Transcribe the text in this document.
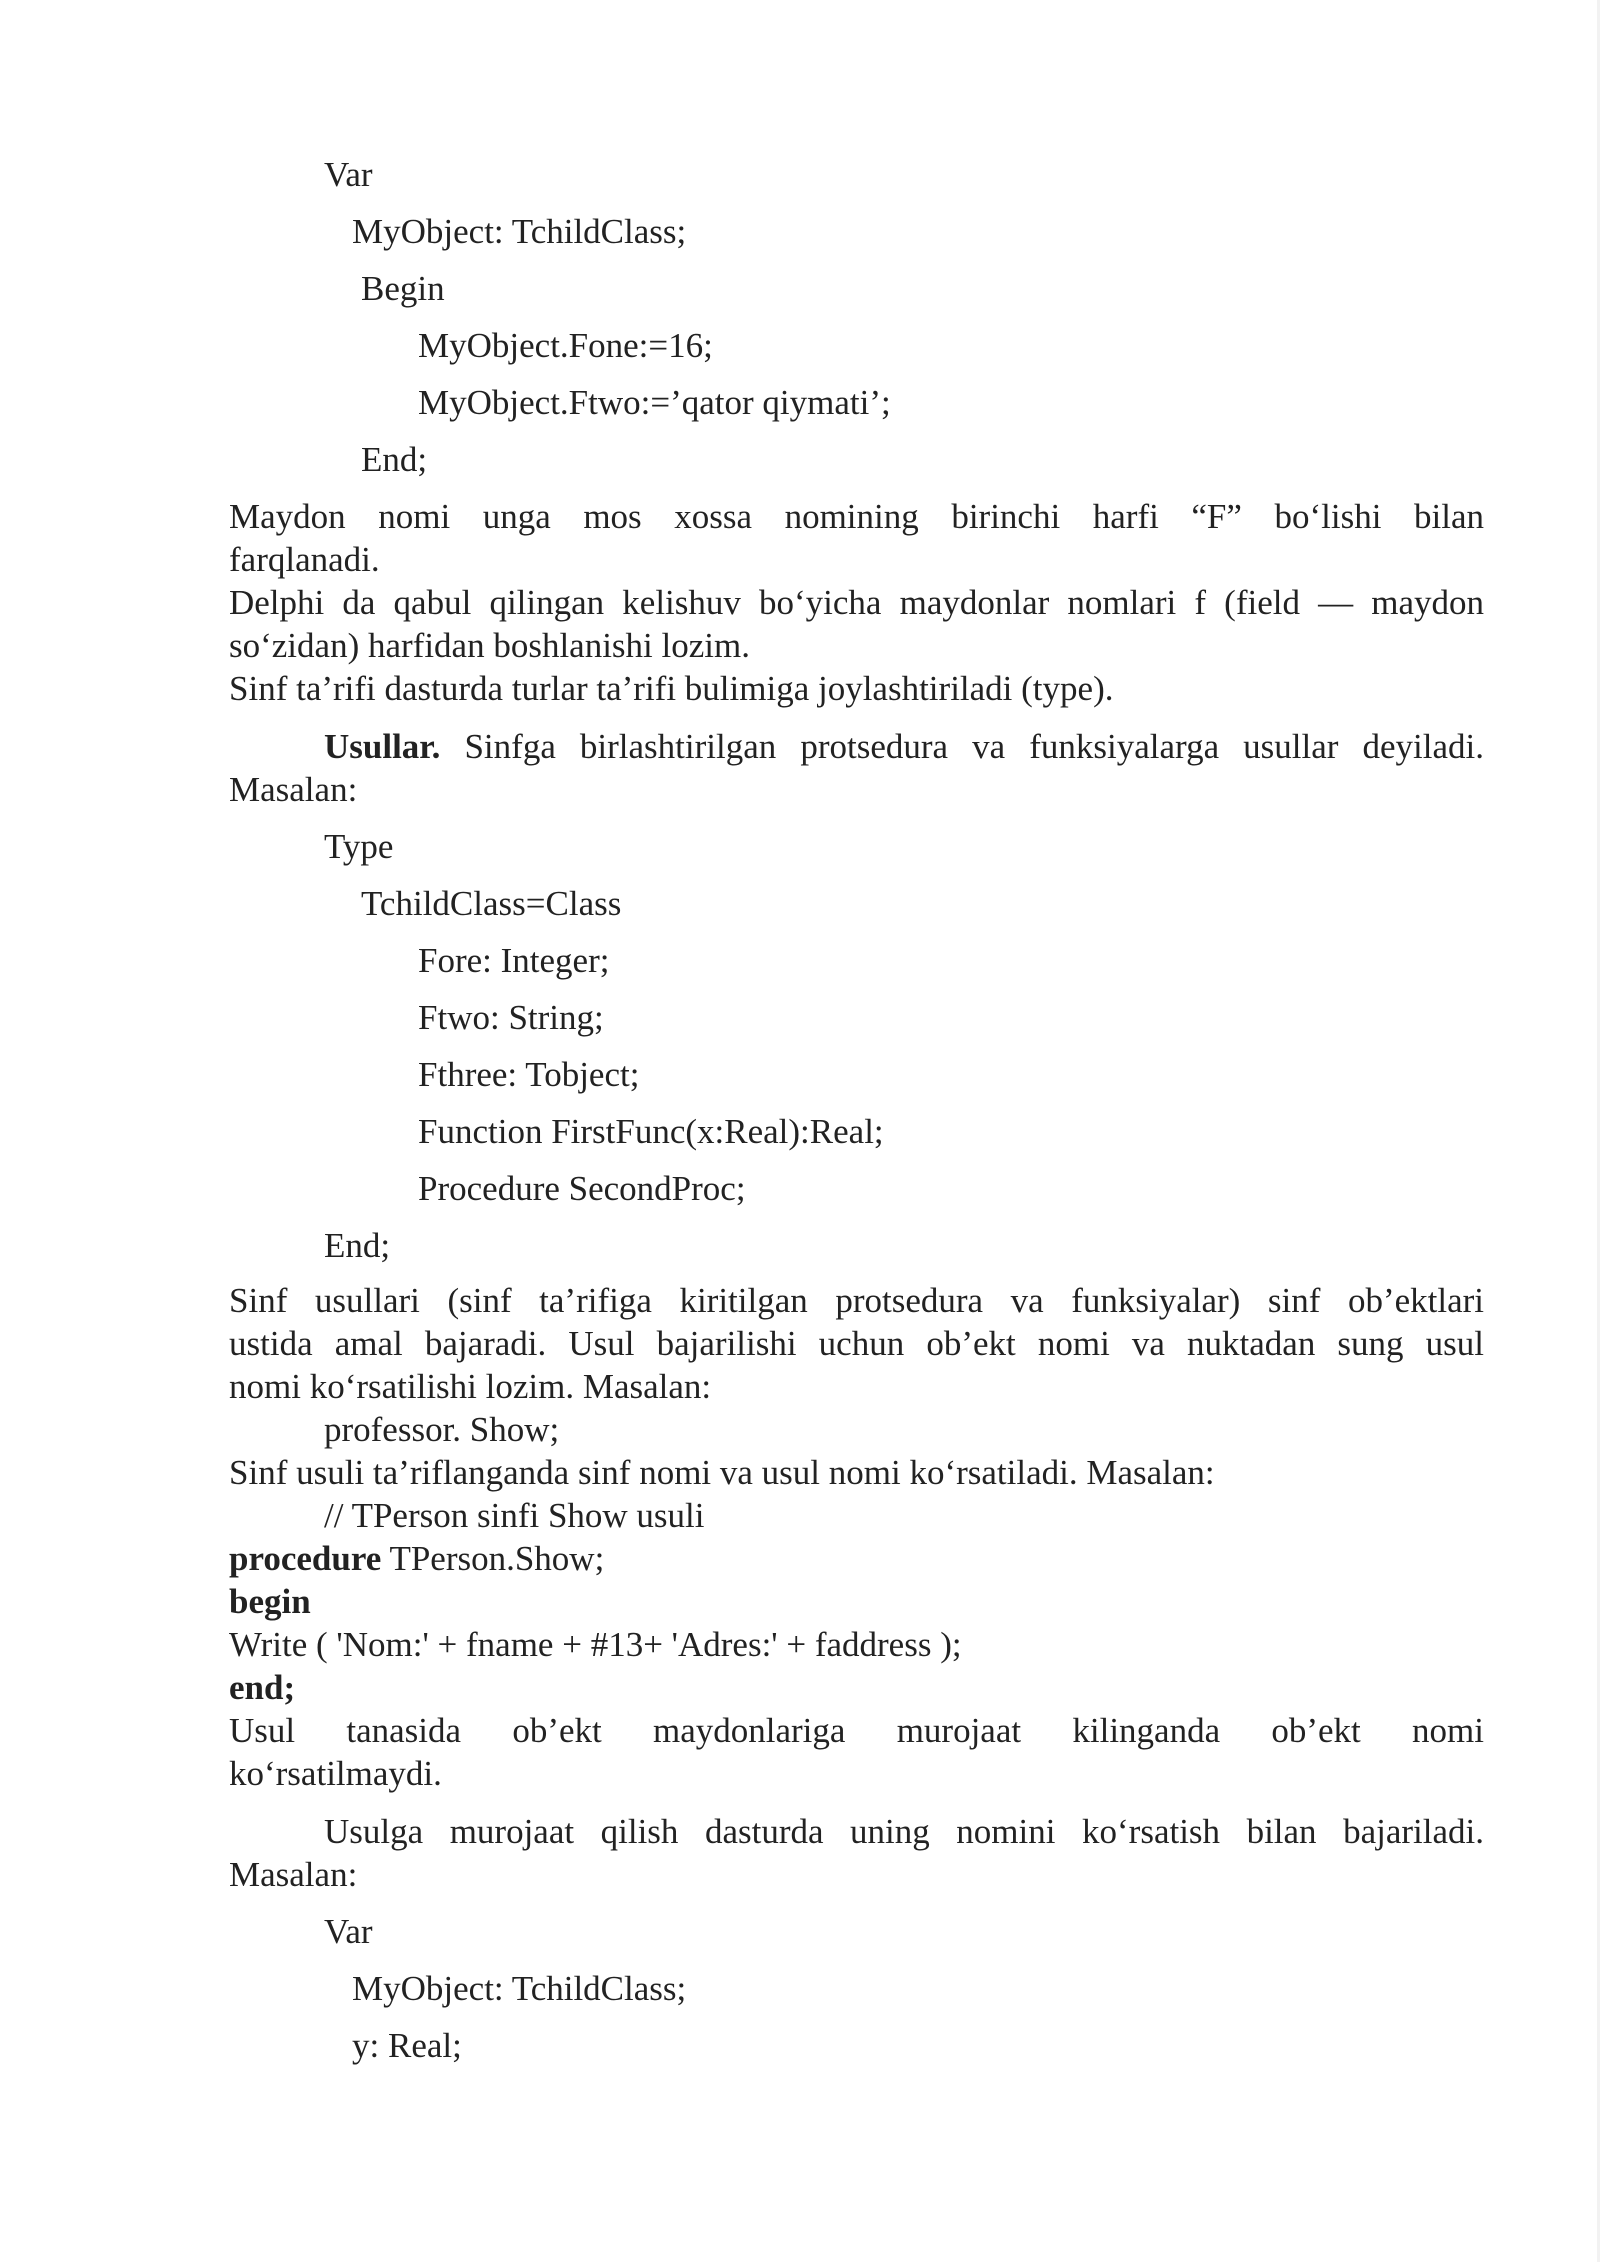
Var
MyObject: TchildClass;
Begin
MyObject.Fone:=16;
MyObject.Ftwo:=’qator qiymati’;
End;
Maydon nomi unga mos xossa nomining birinchi harfi “F” bo‘lishi bilan
farqlanadi.
Delphi da qabul qilingan kelishuv bo‘yicha maydonlar nomlari f (field — maydon
so‘zidan) harfidan boshlanishi lozim.
Sinf ta’rifi dasturda turlar ta’rifi bulimiga joylashtiriladi (type).
Usullar. Sinfga birlashtirilgan protsedura va funksiyalarga usullar deyiladi.
Masalan:
Type
TchildClass=Class
Fore: Integer;
Ftwo: String;
Fthree: Tobject;
Function FirstFunc(x:Real):Real;
Procedure SecondProc;
End;
Sinf usullari (sinf ta’rifiga kiritilgan protsedura va funksiyalar) sinf ob’ektlari
ustida amal bajaradi. Usul bajarilishi uchun ob’ekt nomi va nuktadan sung usul
nomi ko‘rsatilishi lozim. Masalan:
professor. Show;
Sinf usuli ta’riflanganda sinf nomi va usul nomi ko‘rsatiladi. Masalan:
// TPerson sinfi Show usuli
procedure TPerson.Show;
begin
Write ( 'Nom:' + fname + #13+ 'Adres:' + faddress );
end;
Usul tanasida ob’ekt maydonlariga murojaat kilinganda ob’ekt nomi
ko‘rsatilmaydi.
Usulga murojaat qilish dasturda uning nomini ko‘rsatish bilan bajariladi.
Masalan:
Var
MyObject: TchildClass;
y: Real;
